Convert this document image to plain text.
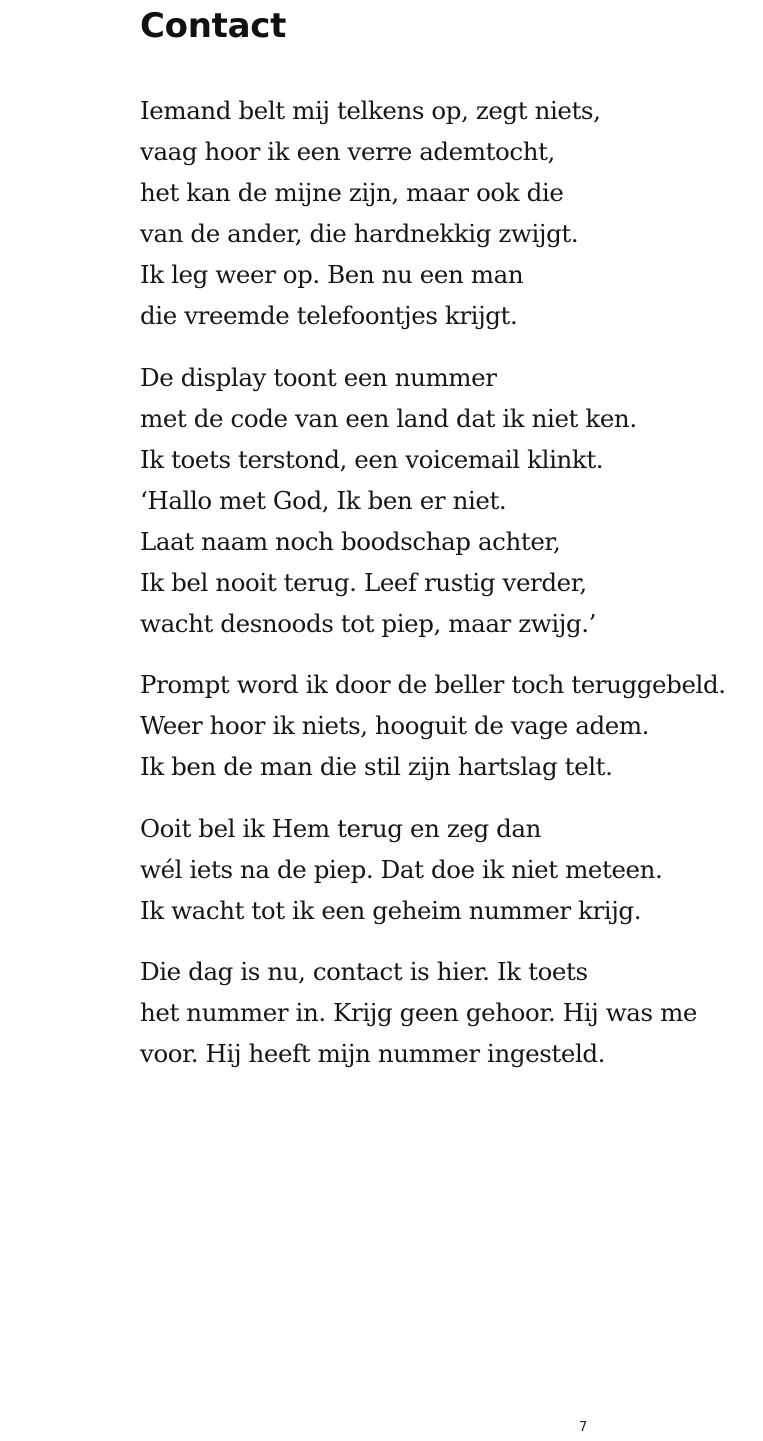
Contact

Iemand belt mij telkens op, zegt niets,
vaag hoor ik een verre ademtocht,
het kan de mijne zijn, maar ook die
van de ander, die hardnekkig zwijgt.
Ik leg weer op. Ben nu een man
die vreemde telefoontjes krijgt.

De display toont een nummer
met de code van een land dat ik niet ken.
Ik toets terstond, een voicemail klinkt.
‘Hallo met God, Ik ben er niet.
Laat naam noch boodschap achter,
Ik bel nooit terug. Leef rustig verder,
wacht desnoods tot piep, maar zwijg.’

Prompt word ik door de beller toch teruggebeld.
Weer hoor ik niets, hooguit de vage adem.
Ik ben de man die stil zijn hartslag telt.

Ooit bel ik Hem terug en zeg dan
wél iets na de piep. Dat doe ik niet meteen.
Ik wacht tot ik een geheim nummer krijg.

Die dag is nu, contact is hier. Ik toets
het nummer in. Krijg geen gehoor. Hij was me
voor. Hij heeft mijn nummer ingesteld.

7
